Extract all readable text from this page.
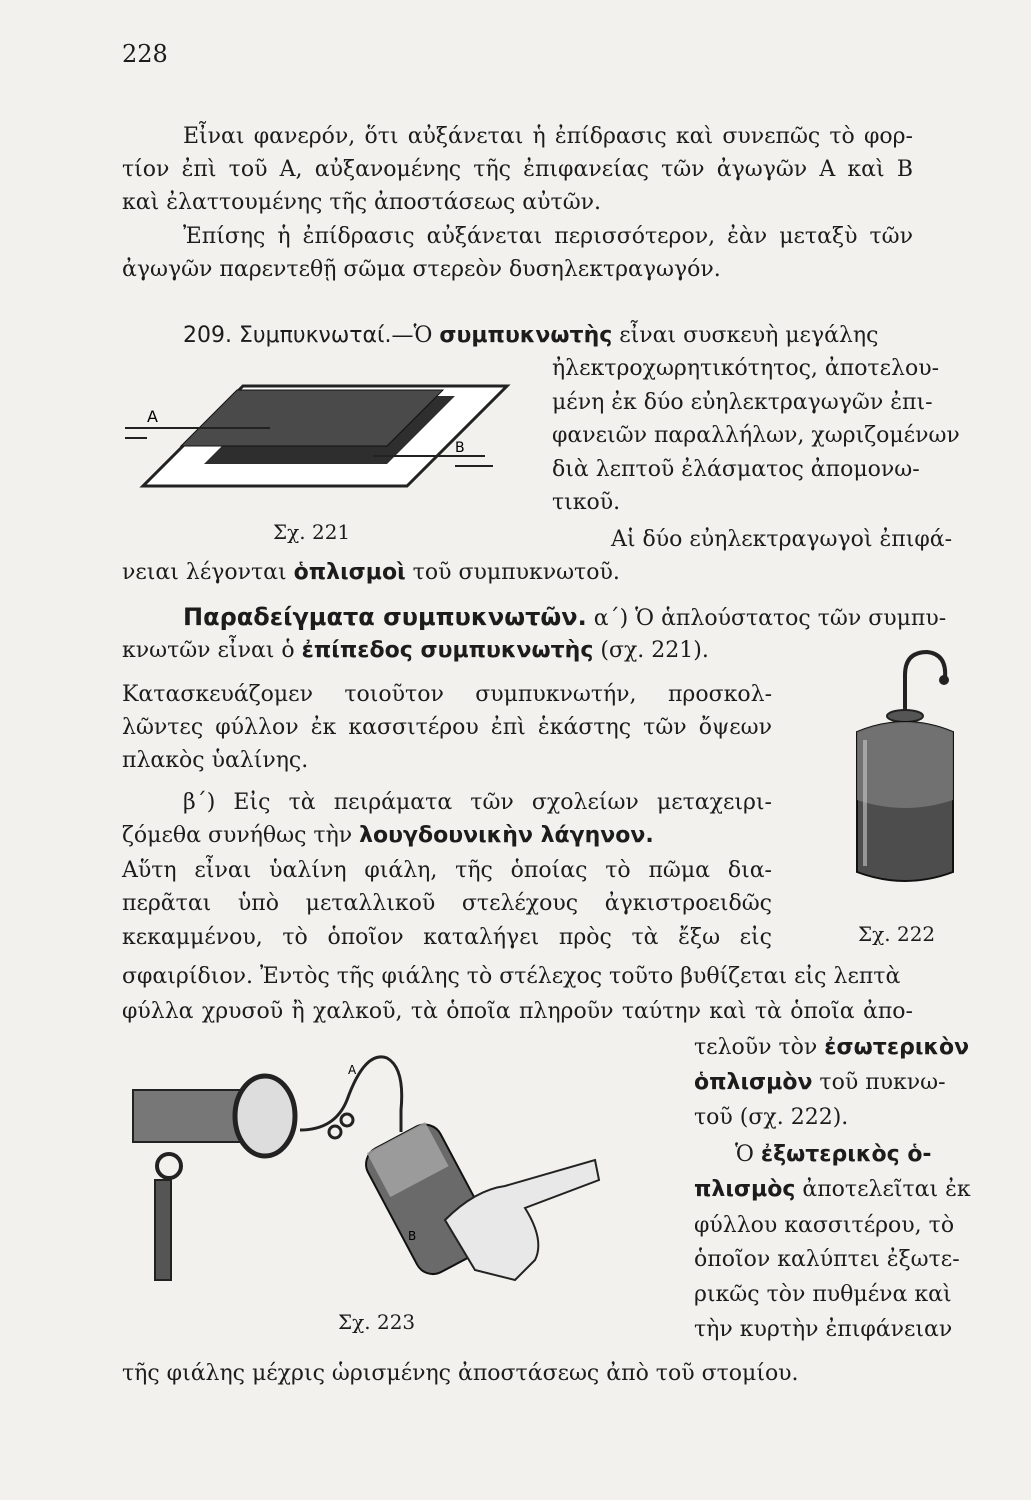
228
Εἶναι φανερόν, ὅτι αὐξάνεται ἡ ἐπίδρασις καὶ συνεπῶς τὸ φορ-
τίον ἐπὶ τοῦ Α, αὐξανομένης τῆς ἐπιφανείας τῶν ἀγωγῶν Α καὶ Β
καὶ ἐλαττουμένης τῆς ἀποστάσεως αὐτῶν.
Ἐπίσης ἡ ἐπίδρασις αὐξάνεται περισσότερον, ἐὰν μεταξὺ τῶν
ἀγωγῶν παρεντεθῇ σῶμα στερεὸν δυσηλεκτραγωγόν.
209. Συμπυκνωταί.—Ὁ συμπυκνωτὴς εἶναι συσκευὴ μεγάλης
ἠλεκτροχωρητικότητος, ἀποτελου-
μένη ἐκ δύο εὐηλεκτραγωγῶν ἐπι-
φανειῶν παραλλήλων, χωριζομένων
διὰ λεπτοῦ ἐλάσματος ἀπομονω-
τικοῦ.
Αἱ δύο εὐηλεκτραγωγοὶ ἐπιφά-
νειαι λέγονται ὁπλισμοὶ τοῦ συμπυκνωτοῦ.
A
B
Σχ. 221
Παραδείγματα συμπυκνωτῶν. α΄) Ὁ ἁπλούστατος τῶν συμπυ-
κνωτῶν εἶναι ὁ ἐπίπεδος συμπυκνωτὴς (σχ. 221).
Κατασκευάζομεν τοιοῦτον συμπυκνωτήν, προσκολ-
λῶντες φύλλον ἐκ κασσιτέρου ἐπὶ ἑκάστης τῶν ὄψεων
πλακὸς ὑαλίνης.
β΄) Εἰς τὰ πειράματα τῶν σχολείων μεταχειρι-
ζόμεθα συνήθως τὴν λουγδουνικὴν λάγηνον.
Αὕτη εἶναι ὑαλίνη φιάλη, τῆς ὁποίας τὸ πῶμα δια-
περᾶται ὑπὸ μεταλλικοῦ στελέχους ἀγκιστροειδῶς
κεκαμμένου, τὸ ὁποῖον καταλήγει πρὸς τὰ ἔξω εἰς
σφαιρίδιον. Ἐντὸς τῆς φιάλης τὸ στέλεχος τοῦτο βυθίζεται εἰς λεπτὰ
φύλλα χρυσοῦ ἢ χαλκοῦ, τὰ ὁποῖα πληροῦν ταύτην καὶ τὰ ὁποῖα ἀπο-
τελοῦν τὸν ἐσωτερικὸν
ὁπλισμὸν τοῦ πυκνω-
τοῦ (σχ. 222).
Ὁ ἐξωτερικὸς ὁ-
πλισμὸς ἀποτελεῖται ἐκ
φύλλου κασσιτέρου, τὸ
ὁποῖον καλύπτει ἐξωτε-
ρικῶς τὸν πυθμένα καὶ
τὴν κυρτὴν ἐπιφάνειαν
τῆς φιάλης μέχρις ὡρισμένης ἀποστάσεως ἀπὸ τοῦ στομίου.
Σχ. 222
A
B
Σχ. 223
